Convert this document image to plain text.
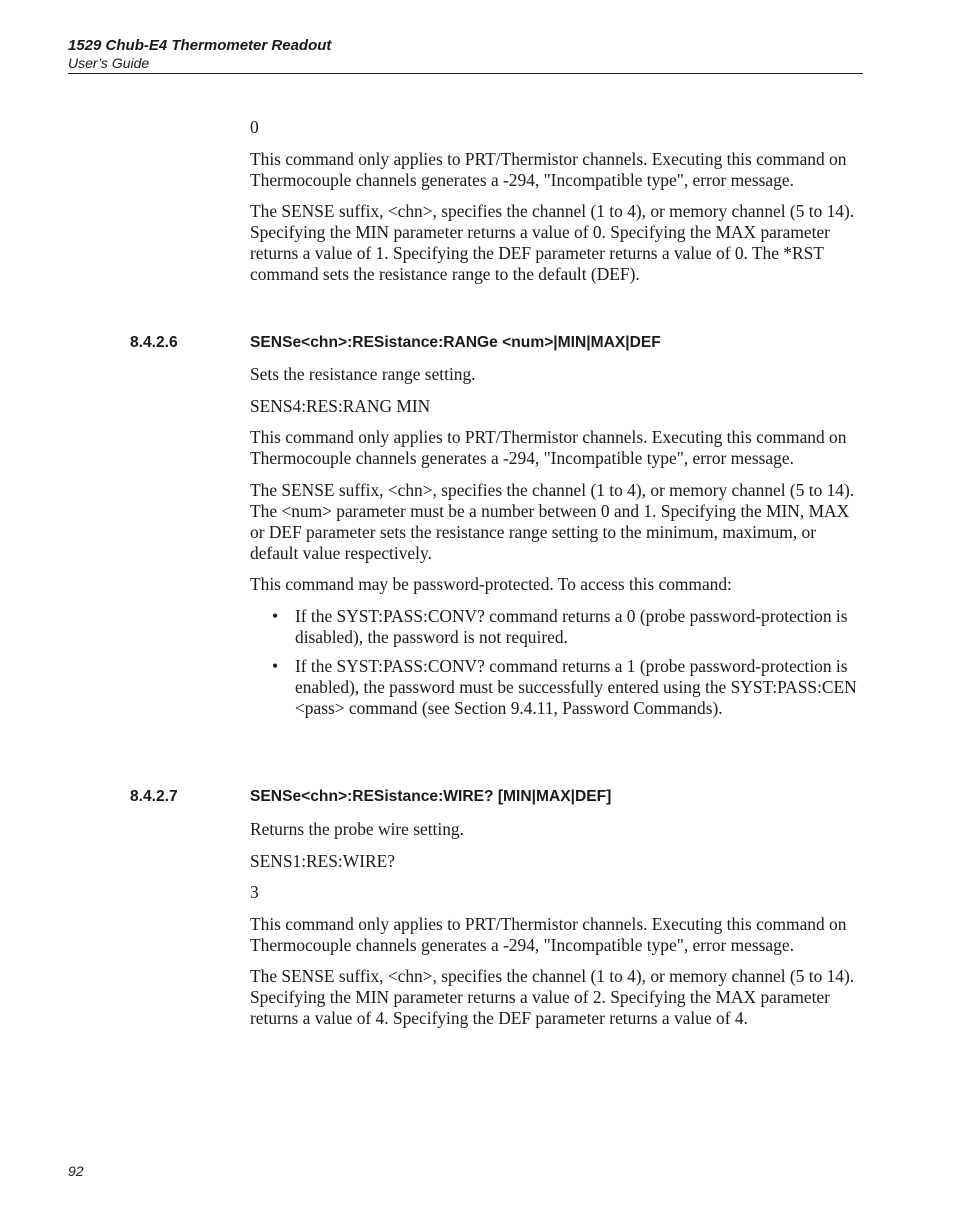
1529 Chub-E4 Thermometer Readout
User’s Guide

0

This command only applies to PRT/Thermistor channels. Executing this command on Thermocouple channels generates a -294, "Incompatible type", error message.

The SENSE suffix, <chn>, specifies the channel (1 to 4), or memory channel (5 to 14). Specifying the MIN parameter returns a value of 0. Specifying the MAX parameter returns a value of 1. Specifying the DEF parameter returns a value of 0. The *RST command sets the resistance range to the default (DEF).

8.4.2.6	SENSe<chn>:RESistance:RANGe <num>|MIN|MAX|DEF

Sets the resistance range setting.

SENS4:RES:RANG MIN

This command only applies to PRT/Thermistor channels. Executing this command on Thermocouple channels generates a -294, "Incompatible type", error message.

The SENSE suffix, <chn>, specifies the channel (1 to 4), or memory channel (5 to 14). The <num> parameter must be a number between 0 and 1. Specifying the MIN, MAX or DEF parameter sets the resistance range setting to the minimum, maximum, or default value respectively.

This command may be password-protected. To access this command:

• If the SYST:PASS:CONV? command returns a 0 (probe password-protection is disabled), the password is not required.
• If the SYST:PASS:CONV? command returns a 1 (probe password-protection is enabled), the password must be successfully entered using the SYST:PASS:CEN <pass> command (see Section 9.4.11, Password Commands).
8.4.2.7	SENSe<chn>:RESistance:WIRE? [MIN|MAX|DEF]

Returns the probe wire setting.

SENS1:RES:WIRE?

3

This command only applies to PRT/Thermistor channels. Executing this command on Thermocouple channels generates a -294, "Incompatible type", error message.

The SENSE suffix, <chn>, specifies the channel (1 to 4), or memory channel (5 to 14). Specifying the MIN parameter returns a value of 2. Specifying the MAX parameter returns a value of 4. Specifying the DEF parameter returns a value of 4.

92
